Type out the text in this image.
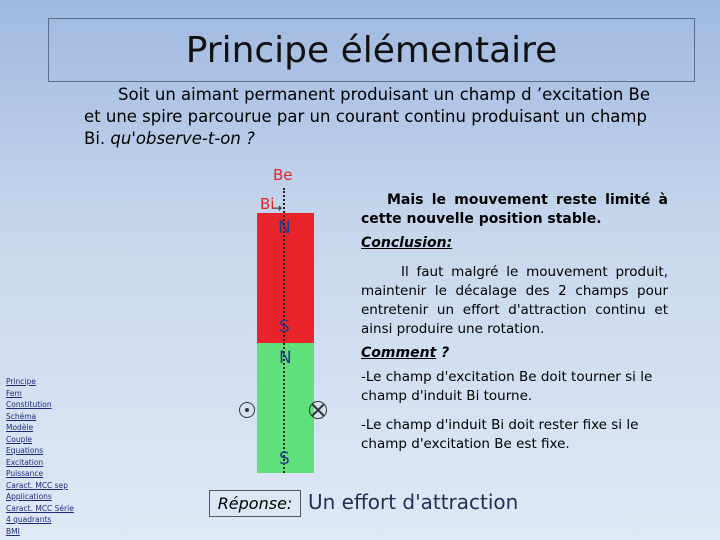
Principe élémentaire
Soit un aimant permanent produisant un champ d ’excitation Be
et une spire parcourue par un courant continu produisant un champ
Bi. qu'observe-t-on ?
Be
Bi
→
N
S
N
S
Mais le mouvement reste limité à cette nouvelle position stable.
Conclusion:
Il faut malgré le mouvement produit, maintenir le décalage des 2 champs pour entretenir un effort d'attraction continu et ainsi produire une rotation.
Comment ?
-Le champ d'excitation Be doit tourner si le champ d'induit Bi tourne.
-Le champ d'induit Bi doit rester fixe si le champ d'excitation Be est fixe.
Réponse: Un effort d'attraction
Principe
Fem
Constitution
Schéma
Modèle
Couple
Equations
Excitation
Puissance
Caract. MCC sep
Applications
Caract. MCC Série
4 quadrants
BMI
